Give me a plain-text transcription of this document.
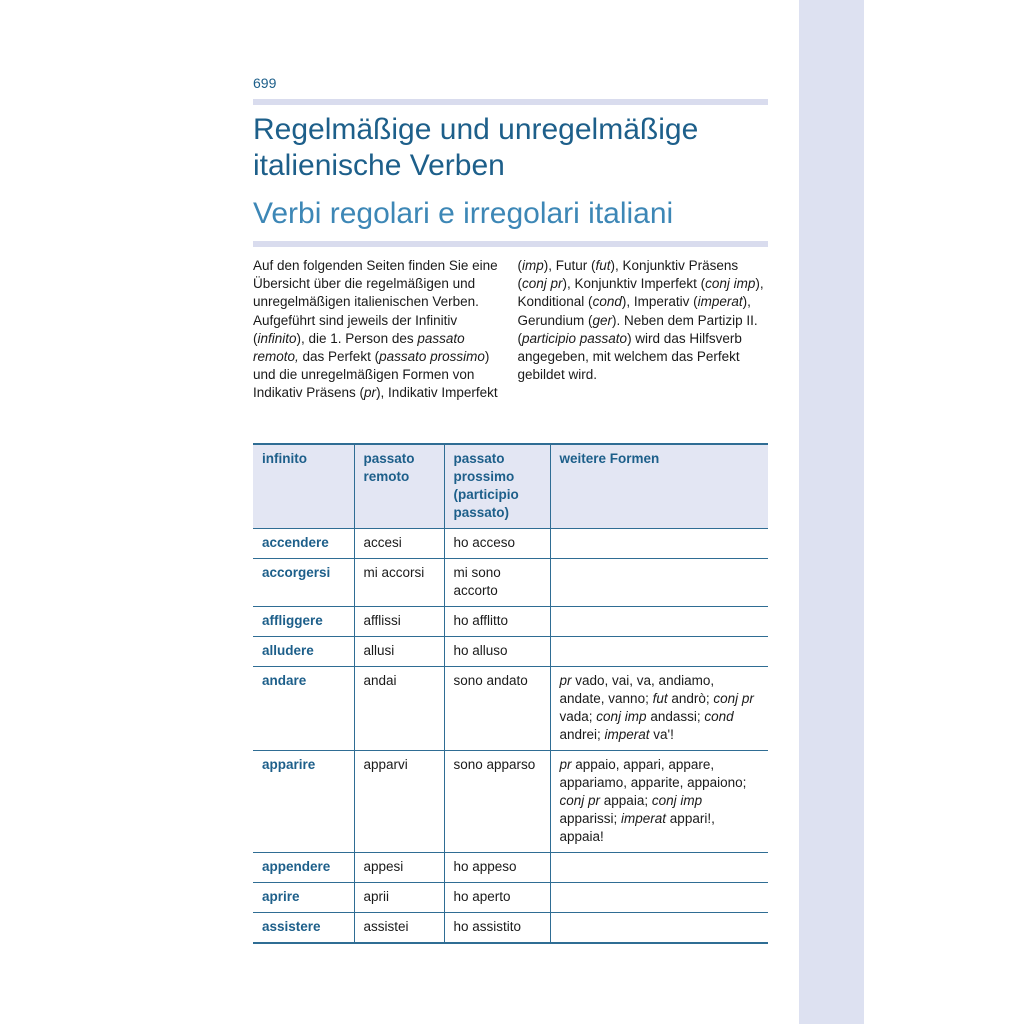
699
Regelmäßige und unregelmäßige
italienische Verben
Verbi regolari e irregolari italiani

Auf den folgenden Seiten finden Sie eine Übersicht über die regelmäßigen und unregelmäßigen italienischen Verben. Aufgeführt sind jeweils der Infinitiv (infinito), die 1. Person des passato remoto, das Perfekt (passato prossimo) und die unregelmäßigen Formen von Indikativ Präsens (pr), Indikativ Imperfekt (imp), Futur (fut), Konjunktiv Präsens (conj pr), Konjunktiv Imperfekt (conj imp), Konditional (cond), Imperativ (imperat), Gerundium (ger). Neben dem Partizip II. (participio passato) wird das Hilfsverb angegeben, mit welchem das Perfekt gebildet wird.

infinito	passato remoto	passato prossimo (participio passato)	weitere Formen
accendere	accesi	ho acceso	
accorgersi	mi accorsi	mi sono accorto	
affliggere	afflissi	ho afflitto	
alludere	allusi	ho alluso	
andare	andai	sono andato	pr vado, vai, va, andiamo, andate, vanno; fut andrò; conj pr vada; conj imp andassi; cond andrei; imperat va'!
apparire	apparvi	sono apparso	pr appaio, appari, appare, appariamo, apparite, appaiono; conj pr appaia; conj imp apparissi; imperat appari!, appaia!
appendere	appesi	ho appeso	
aprire	aprii	ho aperto	
assistere	assistei	ho assistito	
